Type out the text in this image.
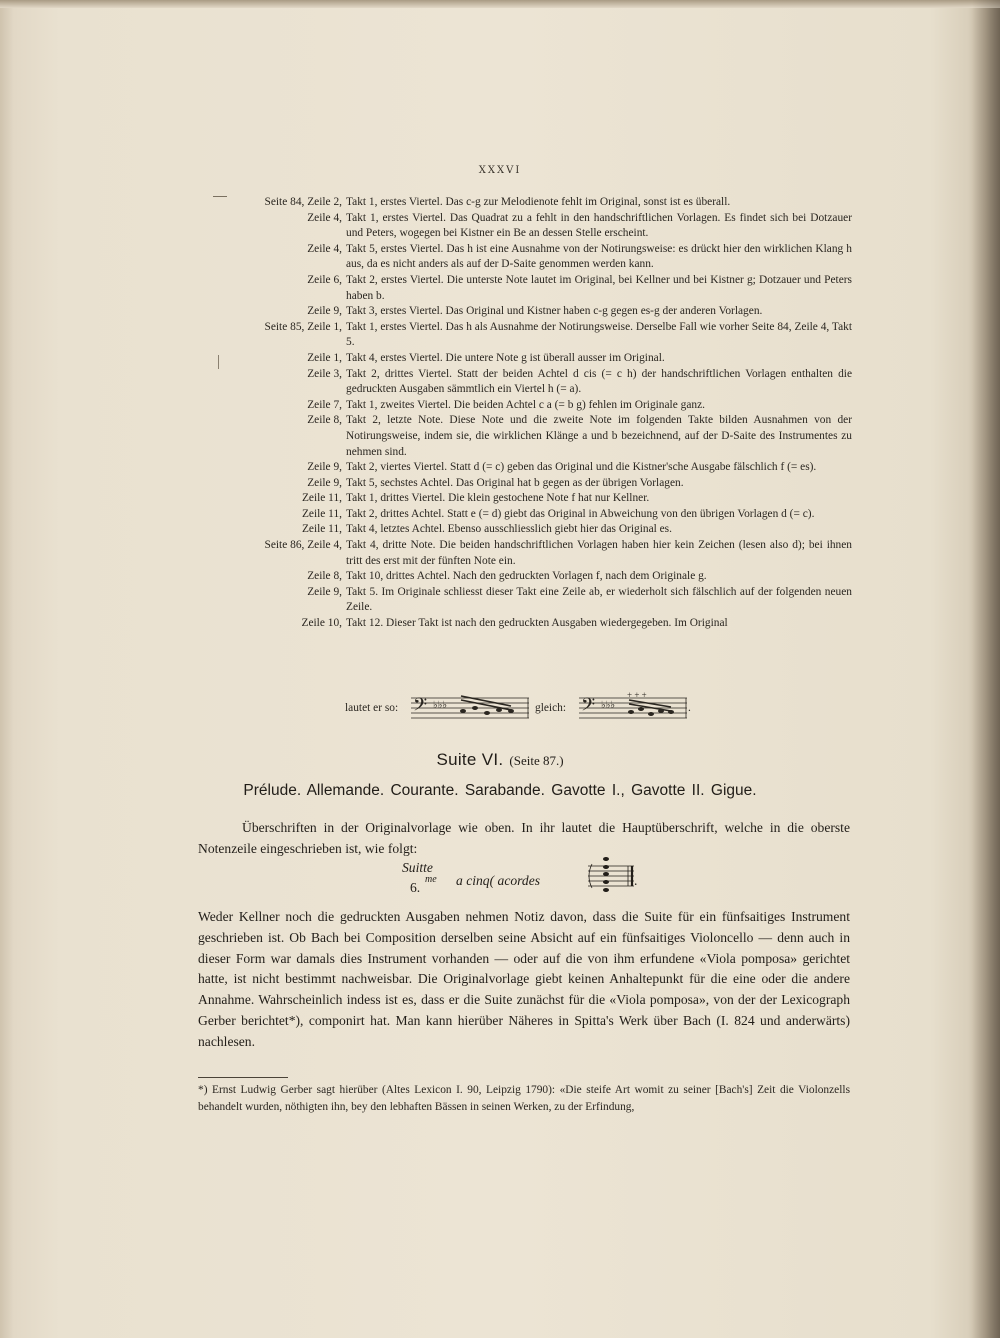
XXXVI
Seite 84, Zeile 2, Takt 1, erstes Viertel. Das c-g zur Melodienote fehlt im Original, sonst ist es überall.
Zeile 4, Takt 1, erstes Viertel. Das Quadrat zu a fehlt in den handschriftlichen Vorlagen. Es findet sich bei Dotzauer und Peters, wogegen bei Kistner ein Be an dessen Stelle erscheint.
Zeile 4, Takt 5, erstes Viertel. Das h ist eine Ausnahme von der Notirungsweise: es drückt hier den wirklichen Klang h aus, da es nicht anders als auf der D-Saite genommen werden kann.
Zeile 6, Takt 2, erstes Viertel. Die unterste Note lautet im Original, bei Kellner und bei Kistner g; Dotzauer und Peters haben b.
Zeile 9, Takt 3, erstes Viertel. Das Original und Kistner haben c-g gegen es-g der anderen Vorlagen.
Seite 85, Zeile 1, Takt 1, erstes Viertel. Das h als Ausnahme der Notirungsweise. Derselbe Fall wie vorher Seite 84, Zeile 4, Takt 5.
Zeile 1, Takt 4, erstes Viertel. Die untere Note g ist überall ausser im Original.
Zeile 3, Takt 2, drittes Viertel. Statt der beiden Achtel d cis (= c h) der handschriftlichen Vorlagen enthalten die gedruckten Ausgaben sämmtlich ein Viertel h (= a).
Zeile 7, Takt 1, zweites Viertel. Die beiden Achtel c a (= b g) fehlen im Originale ganz.
Zeile 8, Takt 2, letzte Note. Diese Note und die zweite Note im folgenden Takte bilden Ausnahmen von der Notirungsweise, indem sie, die wirklichen Klänge a und b bezeichnend, auf der D-Saite des Instrumentes zu nehmen sind.
Zeile 9, Takt 2, viertes Viertel. Statt d (= c) geben das Original und die Kistner'sche Ausgabe fälschlich f (= es).
Zeile 9, Takt 5, sechstes Achtel. Das Original hat b gegen as der übrigen Vorlagen.
Zeile 11, Takt 1, drittes Viertel. Die klein gestochene Note f hat nur Kellner.
Zeile 11, Takt 2, drittes Achtel. Statt e (= d) giebt das Original in Abweichung von den übrigen Vorlagen d (= c).
Zeile 11, Takt 4, letztes Achtel. Ebenso ausschliesslich giebt hier das Original es.
Seite 86, Zeile 4, Takt 4, dritte Note. Die beiden handschriftlichen Vorlagen haben hier kein Zeichen (lesen also d); bei ihnen tritt des erst mit der fünften Note ein.
Zeile 8, Takt 10, drittes Achtel. Nach den gedruckten Vorlagen f, nach dem Originale g.
Zeile 9, Takt 5. Im Originale schliesst dieser Takt eine Zeile ab, er wiederholt sich fälschlich auf der folgenden neuen Zeile.
Zeile 10, Takt 12. Dieser Takt ist nach den gedruckten Ausgaben wiedergegeben. Im Original
lautet er so: 𝄢 ♭♭♭	gleich: 𝄢 ♭♭♭
+ + +
.
Suite VI. (Seite 87.)
Prélude. Allemande. Courante. Sarabande. Gavotte I., Gavotte II. Gigue.
Überschriften in der Originalvorlage wie oben. In ihr lautet die Hauptüberschrift, welche in die oberste Notenzeile eingeschrieben ist, wie folgt:
Suitte
6.
me a cinq( acordes	.
Weder Kellner noch die gedruckten Ausgaben nehmen Notiz davon, dass die Suite für ein fünfsaitiges Instrument geschrieben ist. Ob Bach bei Composition derselben seine Absicht auf ein fünfsaitiges Violoncello — denn auch in dieser Form war damals dies Instrument vorhanden — oder auf die von ihm erfundene «Viola pomposa» gerichtet hatte, ist nicht bestimmt nachweisbar. Die Originalvorlage giebt keinen Anhaltepunkt für die eine oder die andere Annahme. Wahrscheinlich indess ist es, dass er die Suite zunächst für die «Viola pomposa», von der der Lexicograph Gerber berichtet*), componirt hat. Man kann hierüber Näheres in Spitta's Werk über Bach (I. 824 und anderwärts) nachlesen.
*) Ernst Ludwig Gerber sagt hierüber (Altes Lexicon I. 90, Leipzig 1790): «Die steife Art womit zu seiner [Bach's] Zeit die Violonzells behandelt wurden, nöthigten ihn, bey den lebhaften Bässen in seinen Werken, zu der Erfindung,
